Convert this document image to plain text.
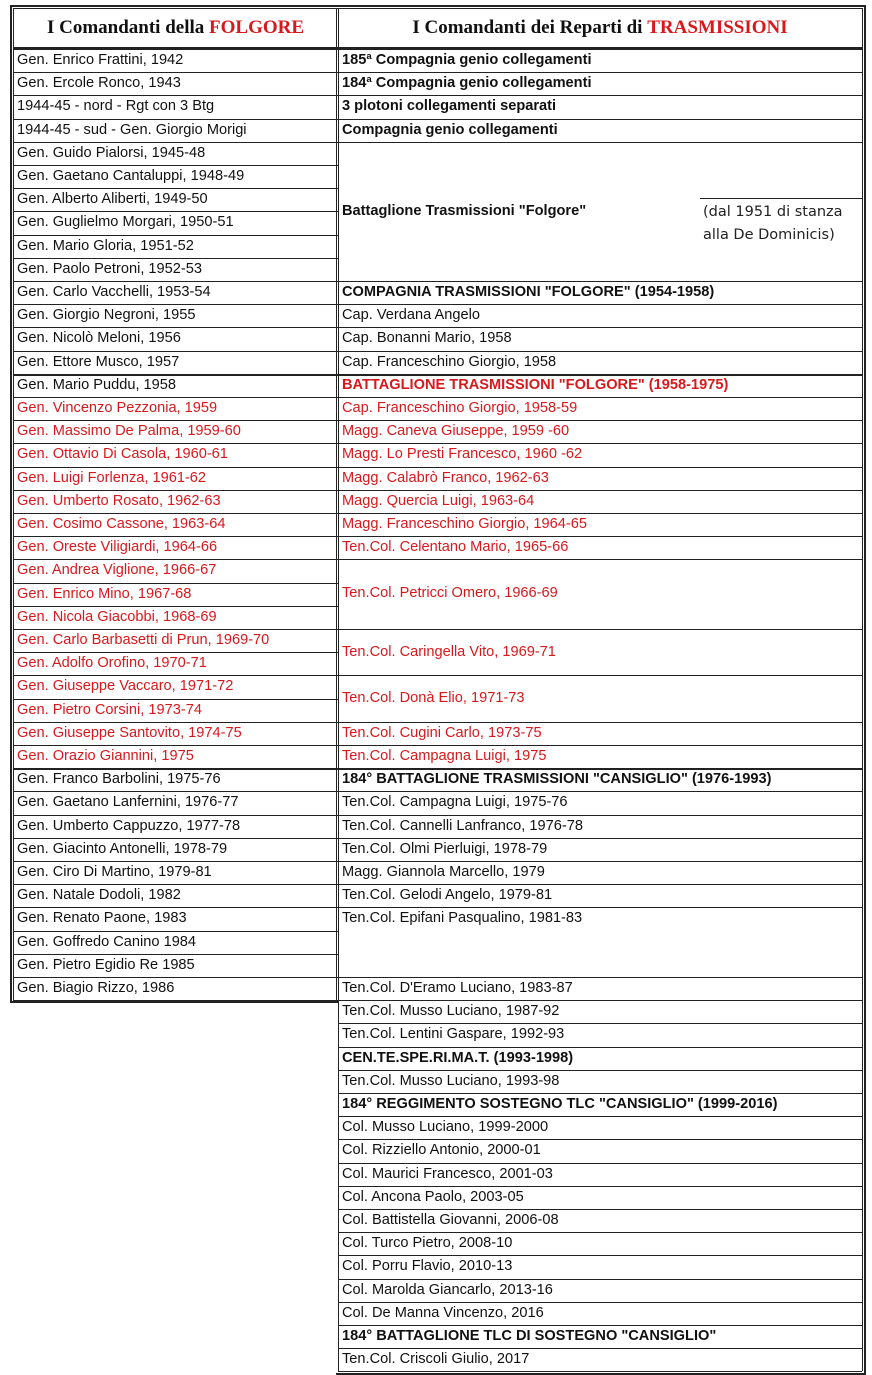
I Comandanti della
FOLGORE	I Comandanti dei Reparti di
TRASMISSIONI
(dal 1951 di stanza
alla De Dominicis)
Gen. Enrico Frattini, 1942
Gen. Ercole Ronco, 1943
1944-45 - nord - Rgt con 3 Btg
1944-45 - sud - Gen. Giorgio Morigi
Gen. Guido Pialorsi, 1945-48
Gen. Gaetano Cantaluppi, 1948-49
Gen. Alberto Aliberti, 1949-50
Gen. Guglielmo Morgari, 1950-51
Gen. Mario Gloria, 1951-52
Gen. Paolo Petroni, 1952-53
Gen. Carlo Vacchelli, 1953-54
Gen. Giorgio Negroni, 1955
Gen. Nicolò Meloni, 1956
Gen. Ettore Musco, 1957
Gen. Mario Puddu, 1958
Gen. Vincenzo Pezzonia, 1959
Gen. Massimo De Palma, 1959-60
Gen. Ottavio Di Casola, 1960-61
Gen. Luigi Forlenza, 1961-62
Gen. Umberto Rosato, 1962-63
Gen. Cosimo Cassone, 1963-64
Gen. Oreste Viligiardi, 1964-66
Gen. Andrea Viglione, 1966-67
Gen. Enrico Mino, 1967-68
Gen. Nicola Giacobbi, 1968-69
Gen. Carlo Barbasetti di Prun, 1969-70
Gen. Adolfo Orofino, 1970-71
Gen. Giuseppe Vaccaro, 1971-72
Gen. Pietro Corsini, 1973-74
Gen. Giuseppe Santovito, 1974-75
Gen. Orazio Giannini, 1975
Gen. Franco Barbolini, 1975-76
Gen. Gaetano Lanfernini, 1976-77
Gen. Umberto Cappuzzo, 1977-78
Gen. Giacinto Antonelli, 1978-79
Gen. Ciro Di Martino, 1979-81
Gen. Natale Dodoli, 1982
Gen. Renato Paone, 1983
Gen. Goffredo Canino 1984
Gen. Pietro Egidio Re 1985
Gen. Biagio Rizzo, 1986
185ª Compagnia genio collegamenti
184ª Compagnia genio collegamenti
3 plotoni collegamenti separati
Compagnia genio collegamenti
Battaglione Trasmissioni "Folgore"
COMPAGNIA TRASMISSIONI "FOLGORE" (1954-1958)
Cap. Verdana Angelo
Cap. Bonanni Mario, 1958
Cap. Franceschino Giorgio, 1958
BATTAGLIONE TRASMISSIONI "FOLGORE" (1958-1975)
Cap. Franceschino Giorgio, 1958-59
Magg. Caneva Giuseppe, 1959 -60
Magg. Lo Presti Francesco, 1960 -62
Magg. Calabrò Franco, 1962-63
Magg. Quercia Luigi, 1963-64
Magg. Franceschino Giorgio, 1964-65
Ten.Col. Celentano Mario, 1965-66
Ten.Col. Petricci Omero, 1966-69
Ten.Col. Caringella Vito, 1969-71
Ten.Col. Donà Elio, 1971-73
Ten.Col. Cugini Carlo, 1973-75
Ten.Col. Campagna Luigi, 1975
184° BATTAGLIONE TRASMISSIONI "CANSIGLIO" (1976-1993)
Ten.Col. Campagna Luigi, 1975-76
Ten.Col. Cannelli Lanfranco, 1976-78
Ten.Col. Olmi Pierluigi, 1978-79
Magg. Giannola Marcello, 1979
Ten.Col. Gelodi Angelo, 1979-81
Ten.Col. Epifani Pasqualino, 1981-83
Ten.Col. D'Eramo Luciano, 1983-87
Ten.Col. Musso Luciano, 1987-92
Ten.Col. Lentini Gaspare, 1992-93
CEN.TE.SPE.RI.MA.T. (1993-1998)
Ten.Col. Musso Luciano, 1993-98
184° REGGIMENTO SOSTEGNO TLC "CANSIGLIO" (1999-2016)
Col. Musso Luciano, 1999-2000
Col. Rizziello Antonio, 2000-01
Col. Maurici Francesco, 2001-03
Col. Ancona Paolo, 2003-05
Col. Battistella Giovanni, 2006-08
Col. Turco Pietro, 2008-10
Col. Porru Flavio, 2010-13
Col. Marolda Giancarlo, 2013-16
Col. De Manna Vincenzo, 2016
184° BATTAGLIONE TLC DI SOSTEGNO "CANSIGLIO"
Ten.Col. Criscoli Giulio, 2017
